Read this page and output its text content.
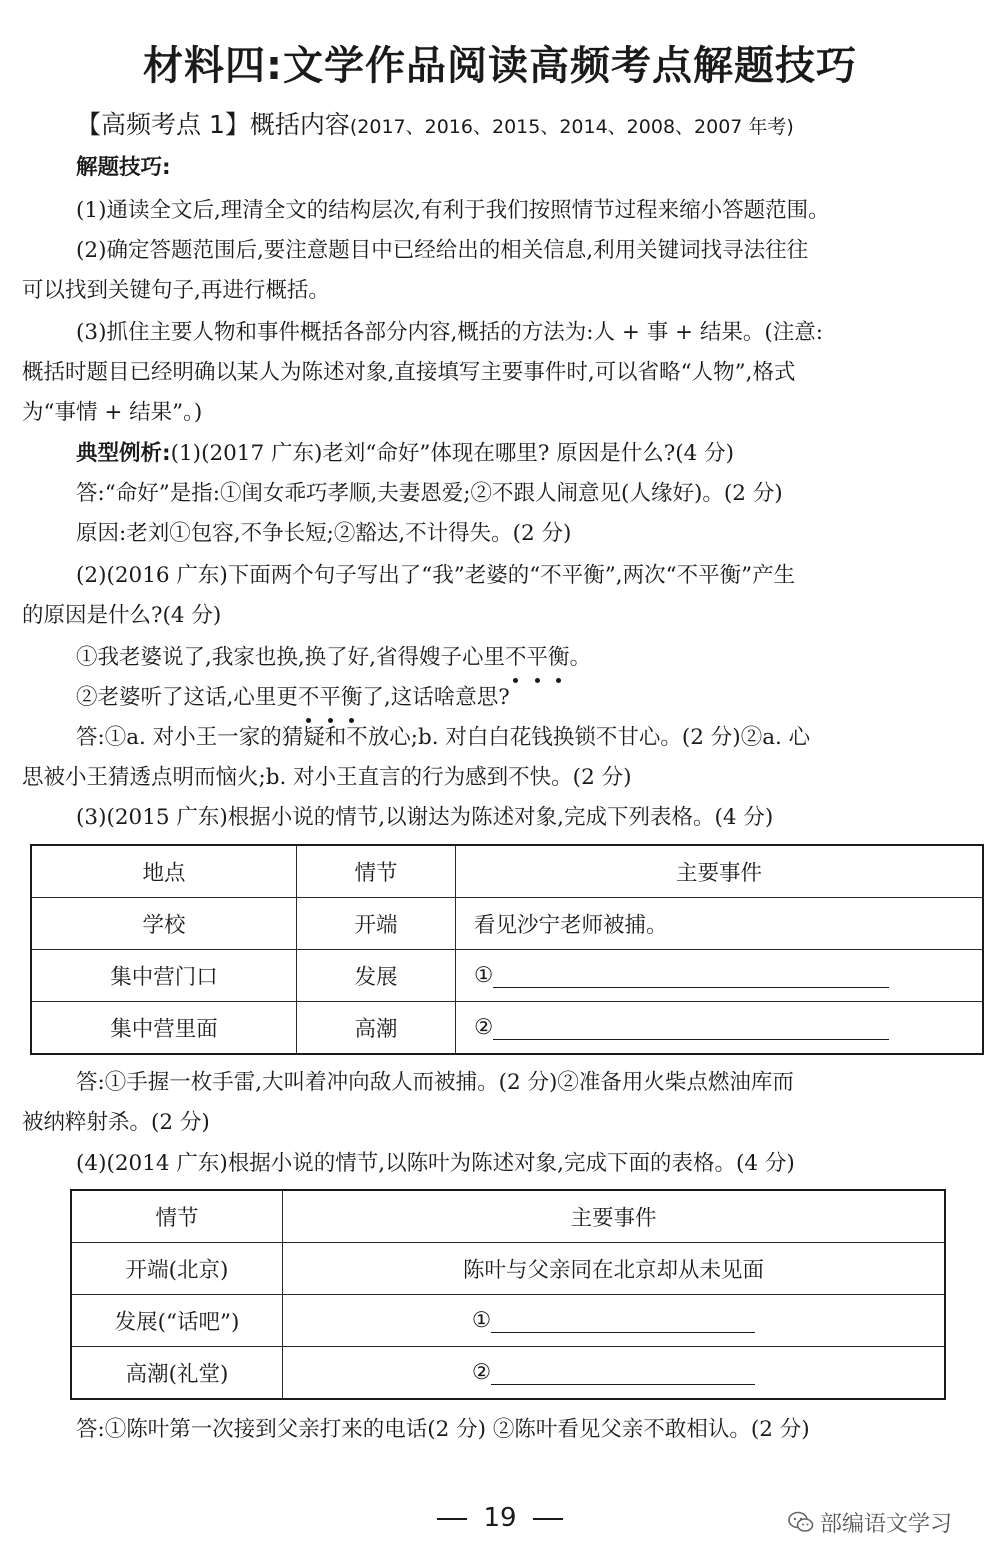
材料四:文学作品阅读高频考点解题技巧
【高频考点 1】概括内容(2017、2016、2015、2014、2008、2007 年考)
解题技巧:
(1)通读全文后,理清全文的结构层次,有利于我们按照情节过程来缩小答题范围。
(2)确定答题范围后,要注意题目中已经给出的相关信息,利用关键词找寻法往往
可以找到关键句子,再进行概括。
(3)抓住主要人物和事件概括各部分内容,概括的方法为:人 + 事 + 结果。(注意:
概括时题目已经明确以某人为陈述对象,直接填写主要事件时,可以省略“人物”,格式
为“事情 + 结果”。)
典型例析:(1)(2017 广东)老刘“命好”体现在哪里? 原因是什么?(4 分)
答:“命好”是指:①闺女乖巧孝顺,夫妻恩爱;②不跟人闹意见(人缘好)。(2 分)
原因:老刘①包容,不争长短;②豁达,不计得失。(2 分)
(2)(2016 广东)下面两个句子写出了“我”老婆的“不平衡”,两次“不平衡”产生
的原因是什么?(4 分)
①我老婆说了,我家也换,换了好,省得嫂子心里不平衡。
②老婆听了这话,心里更不平衡了,这话啥意思?
答:①a. 对小王一家的猜疑和不放心;b. 对白白花钱换锁不甘心。(2 分)②a. 心
思被小王猜透点明而恼火;b. 对小王直言的行为感到不快。(2 分)
(3)(2015 广东)根据小说的情节,以谢达为陈述对象,完成下列表格。(4 分)
地点	情节	主要事件
学校	开端	看见沙宁老师被捕。
集中营门口	发展	①
集中营里面	高潮	②
答:①手握一枚手雷,大叫着冲向敌人而被捕。(2 分)②准备用火柴点燃油库而
被纳粹射杀。(2 分)
(4)(2014 广东)根据小说的情节,以陈叶为陈述对象,完成下面的表格。(4 分)
情节	主要事件
开端(北京)	陈叶与父亲同在北京却从未见面
发展(“话吧”)	①
高潮(礼堂)	②
答:①陈叶第一次接到父亲打来的电话(2 分) ②陈叶看见父亲不敢相认。(2 分)
19	部编语文学习
